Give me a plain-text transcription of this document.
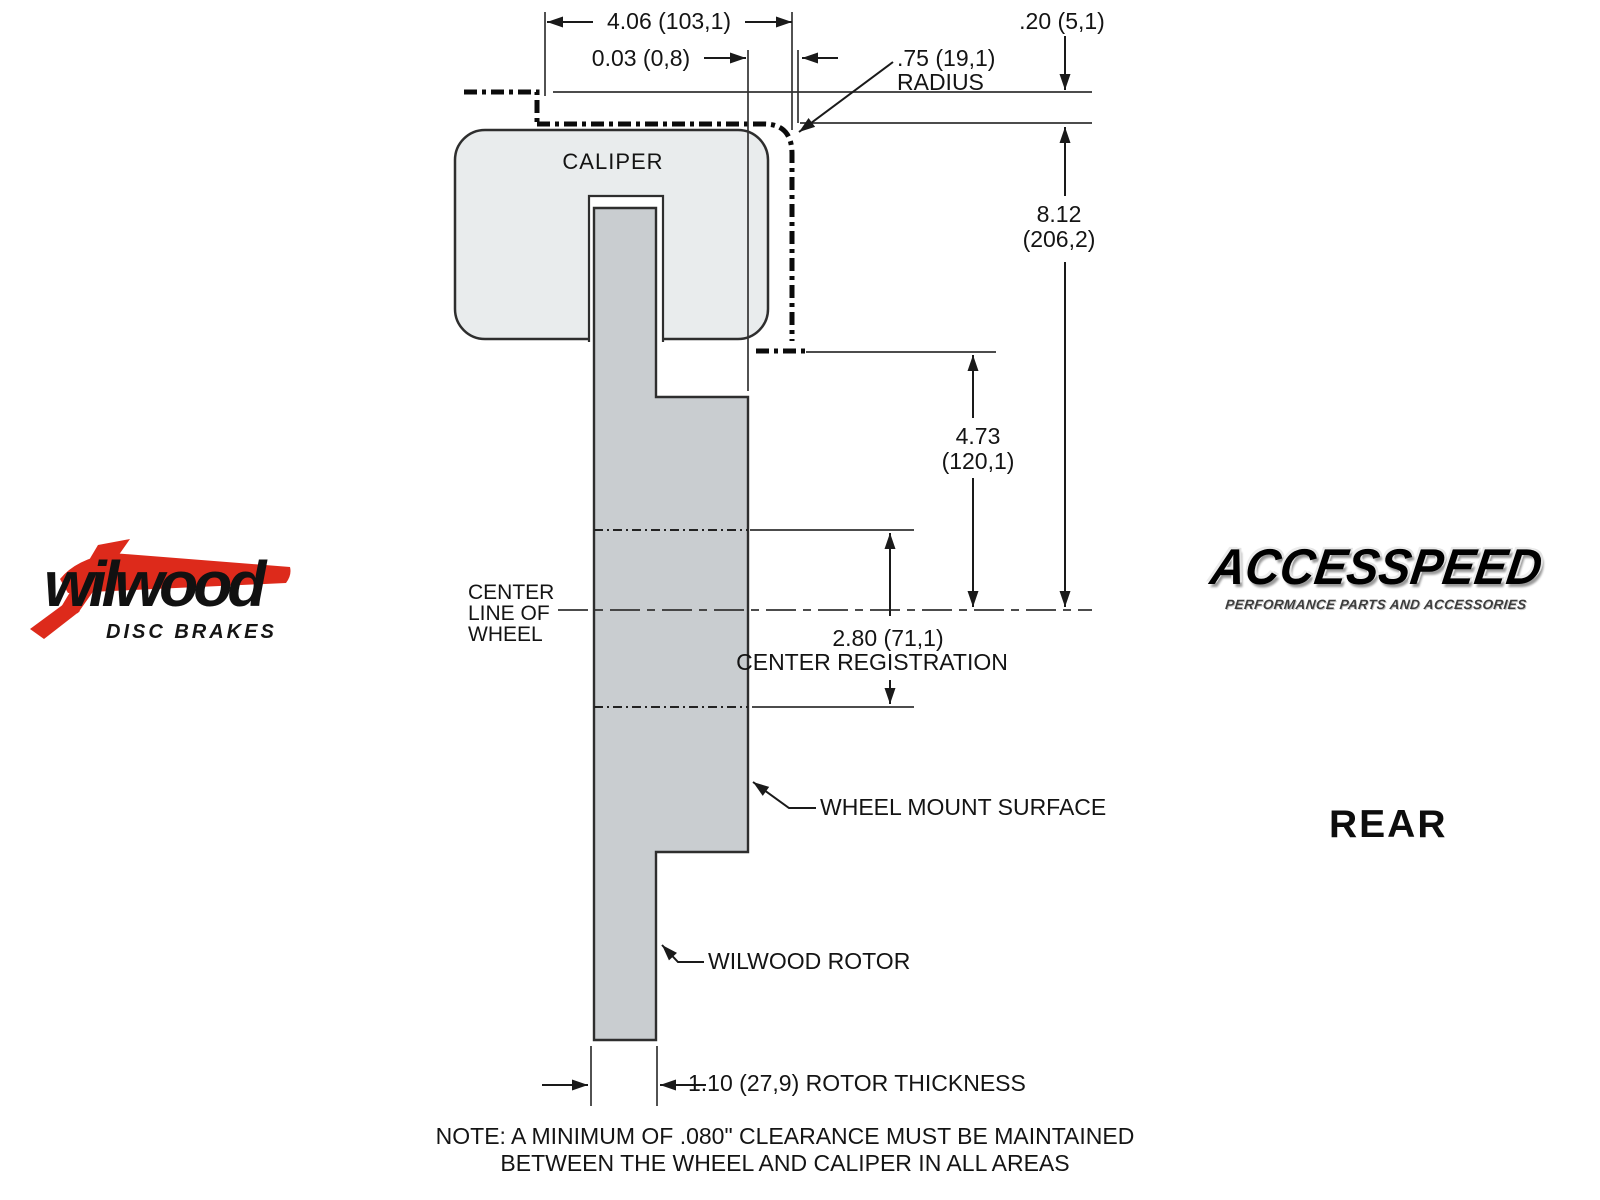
4.06 (103,1)
0.03 (0,8)	.75 (19,1)
RADIUS
.20 (5,1)
CALIPER
8.12
(206,2)
4.73
(120,1)
CENTER
LINE OF
WHEEL	2.80 (71,1)
CENTER REGISTRATION
WHEEL MOUNT SURFACE
WILWOOD ROTOR
1.10 (27,9) ROTOR THICKNESS
NOTE: A MINIMUM OF .080" CLEARANCE MUST BE MAINTAINED
BETWEEN THE WHEEL AND CALIPER IN ALL AREAS
REAR
wilwood
DISC BRAKES
ACCESSPEED
PERFORMANCE PARTS AND ACCESSORIES
